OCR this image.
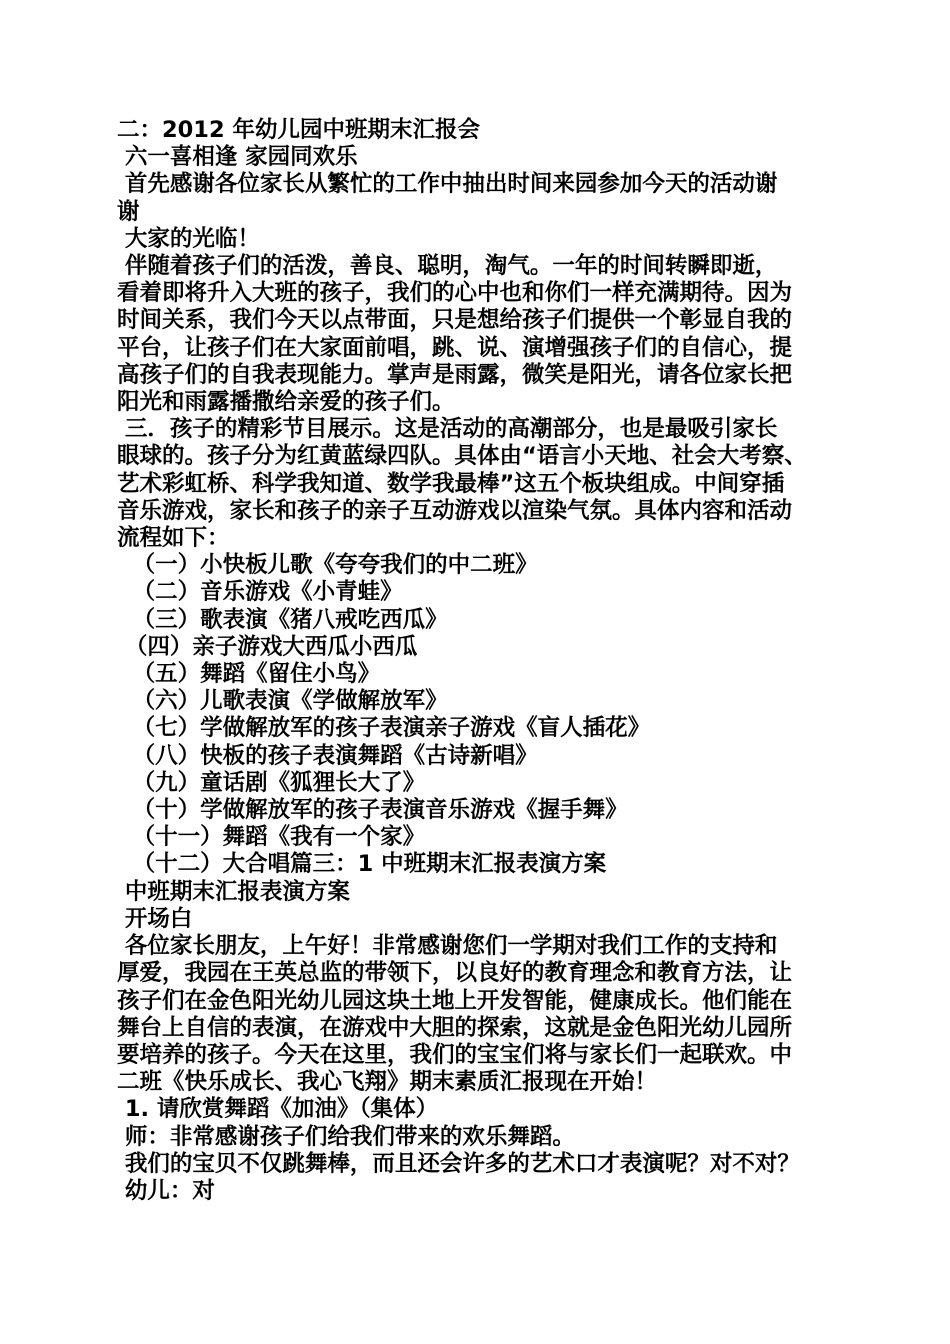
二：2012 年幼儿园中班期末汇报会
六一喜相逢 家园同欢乐
首先感谢各位家长从繁忙的工作中抽出时间来园参加今天的活动谢
谢
大家的光临！
伴随着孩子们的活泼，善良、聪明，淘气。一年的时间转瞬即逝，
看着即将升入大班的孩子，我们的心中也和你们一样充满期待。因为
时间关系，我们今天以点带面，只是想给孩子们提供一个彰显自我的
平台，让孩子们在大家面前唱，跳、说、演增强孩子们的自信心，提
高孩子们的自我表现能力。掌声是雨露，微笑是阳光，请各位家长把
阳光和雨露播撒给亲爱的孩子们。
三．孩子的精彩节目展示。这是活动的高潮部分，也是最吸引家长
眼球的。孩子分为红黄蓝绿四队。具体由“语言小天地、社会大考察、
艺术彩虹桥、科学我知道、数学我最棒”这五个板块组成。中间穿插
音乐游戏，家长和孩子的亲子互动游戏以渲染气氛。具体内容和活动
流程如下：
（一）小快板儿歌《夸夸我们的中二班》
（二）音乐游戏《小青蛙》
（三）歌表演《猪八戒吃西瓜》
（四）亲子游戏大西瓜小西瓜
（五）舞蹈《留住小鸟》
（六）儿歌表演《学做解放军》
（七）学做解放军的孩子表演亲子游戏《盲人插花》
（八）快板的孩子表演舞蹈《古诗新唱》
（九）童话剧《狐狸长大了》
（十）学做解放军的孩子表演音乐游戏《握手舞》
（十一）舞蹈《我有一个家》
（十二）大合唱篇三：1 中班期末汇报表演方案
中班期末汇报表演方案
开场白
各位家长朋友，上午好！非常感谢您们一学期对我们工作的支持和
厚爱，我园在王英总监的带领下，以良好的教育理念和教育方法，让
孩子们在金色阳光幼儿园这块土地上开发智能，健康成长。他们能在
舞台上自信的表演，在游戏中大胆的探索，这就是金色阳光幼儿园所
要培养的孩子。今天在这里，我们的宝宝们将与家长们一起联欢。中
二班《快乐成长、我心飞翔》期末素质汇报现在开始！
1. 请欣赏舞蹈《加油》（集体）
师：非常感谢孩子们给我们带来的欢乐舞蹈。
我们的宝贝不仅跳舞棒，而且还会许多的艺术口才表演呢？对不对？
幼儿：对
